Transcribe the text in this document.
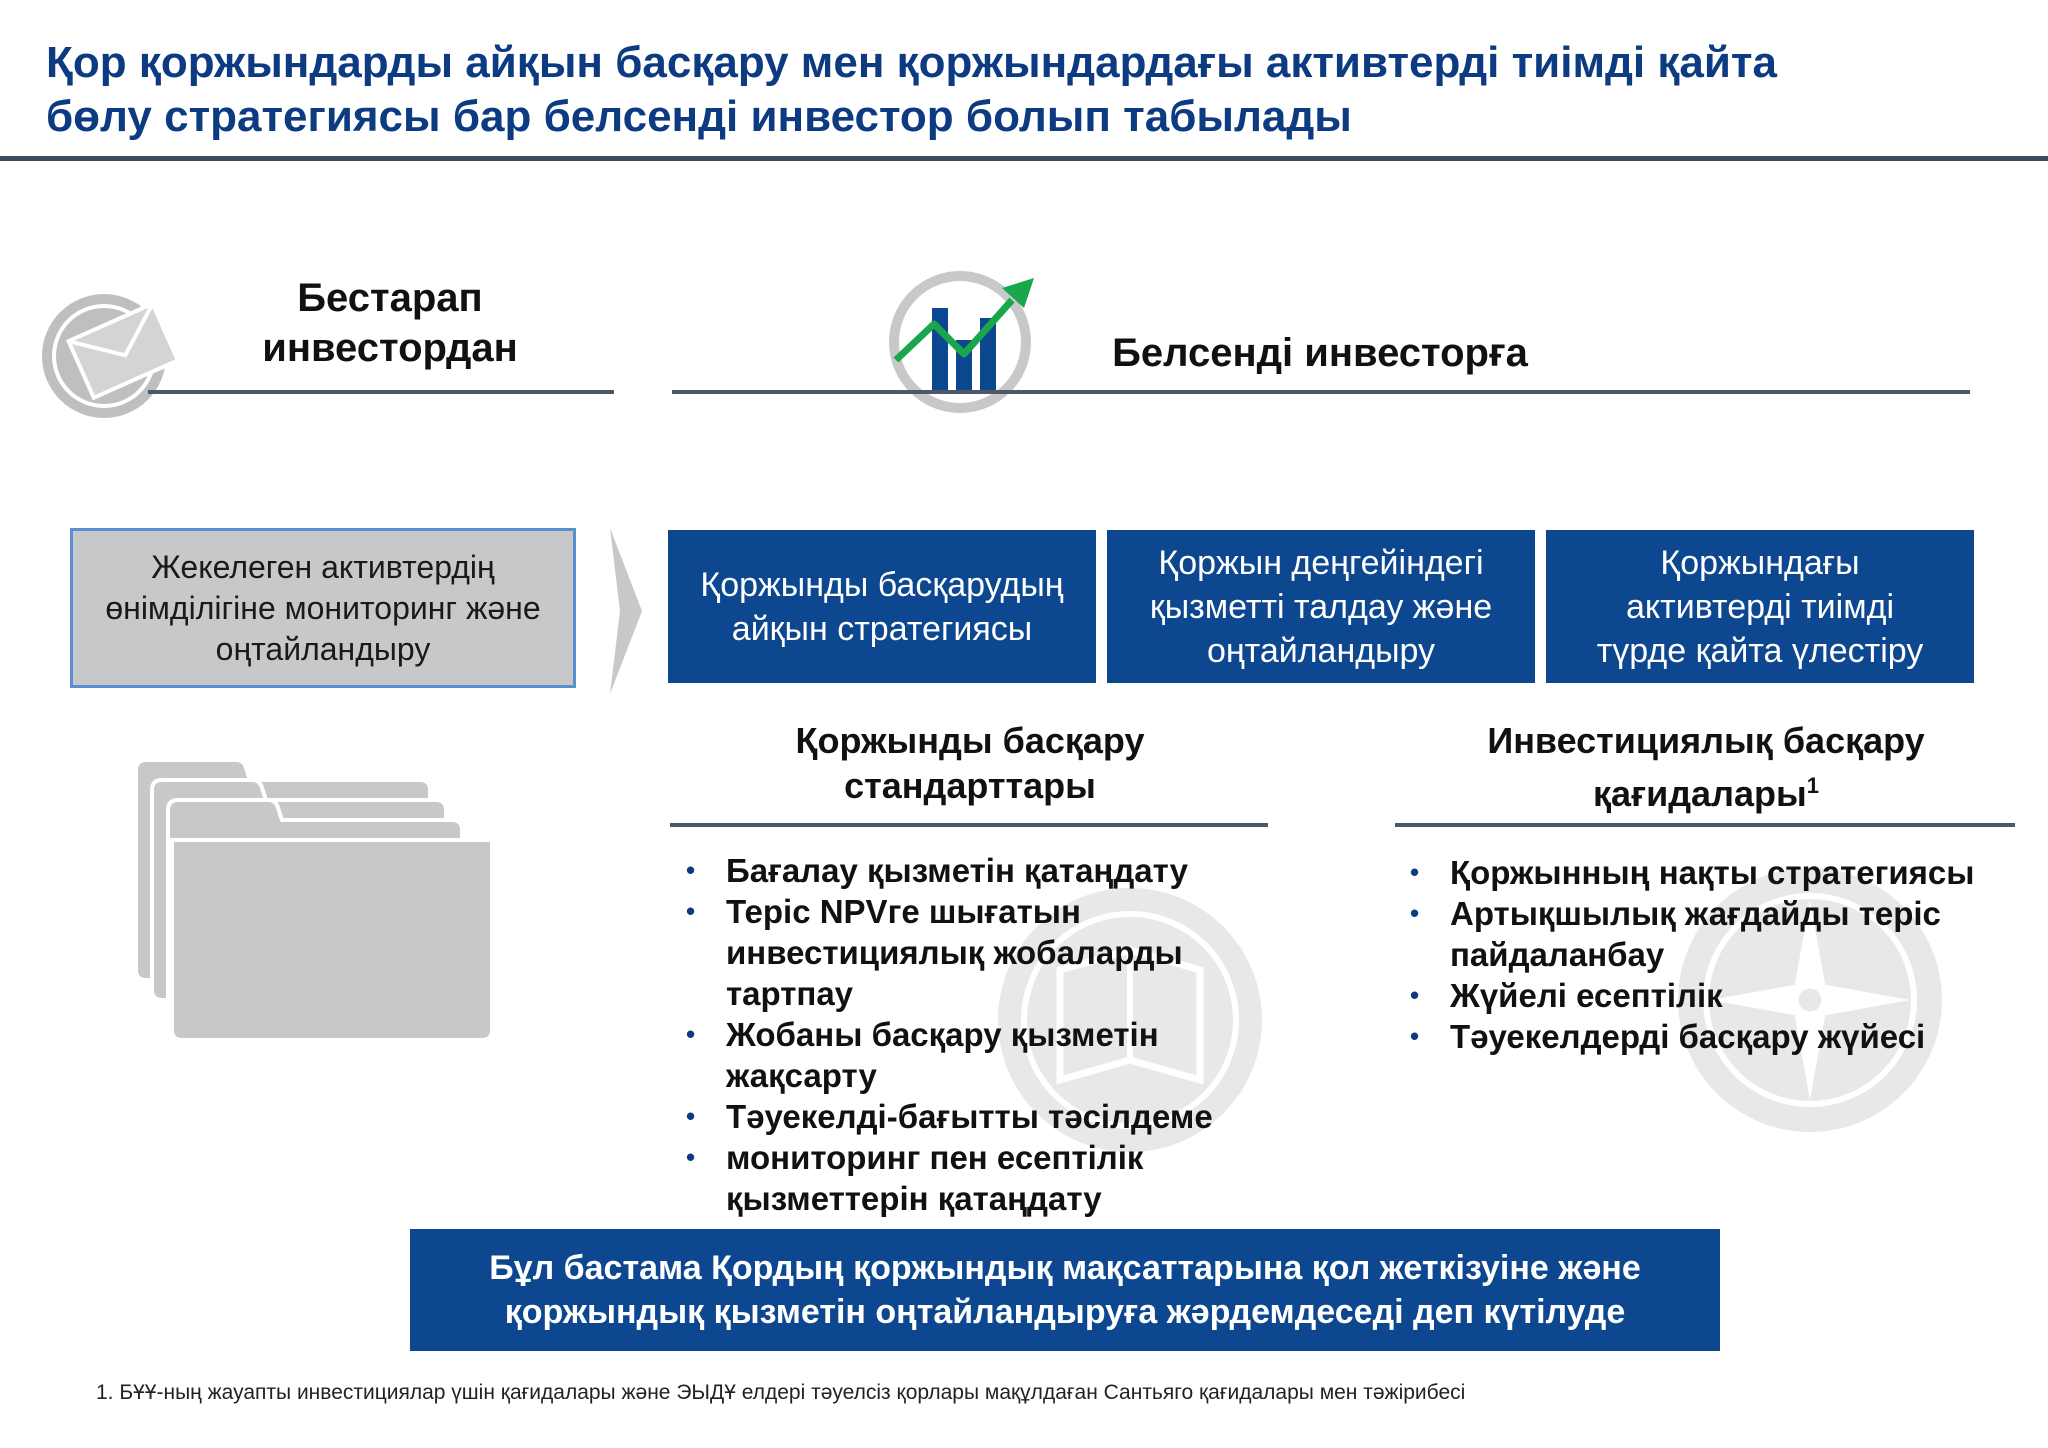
Қор қоржындарды айқын басқару мен қоржындардағы активтерді тиімді қайта
бөлу стратегиясы бар белсенді инвестор болып табылады
Бестарап
инвестордан	Белсенді инвесторға
Жекелеген активтердің
өнімділігіне мониторинг және
оңтайландыру
Қоржынды басқарудың
айқын стратегиясы
Қоржын деңгейіндегі
қызметті талдау және
оңтайландыру
Қоржындағы
активтерді тиімді
түрде қайта үлестіру
Қоржынды басқару
стандарттары
• Бағалау қызметін қатаңдату
• Теріс NPVге шығатын инвестициялық жобаларды тартпау
• Жобаны басқару қызметін жақсарту
• Тәуекелді-бағытты тәсілдеме
• мониторинг пен есептілік қызметтерін қатаңдату
Инвестициялық басқару
қағидалары$^1$
• Қоржынның нақты стратегиясы
• Артықшылық жағдайды теріс пайдаланбау
• Жүйелі есептілік
• Тәуекелдерді басқару жүйесі
Бұл бастама Қордың қоржындық мақсаттарына қол жеткізуіне және
қоржындық қызметін оңтайландыруға жәрдемдеседі деп күтілуде
1. БҰҰ-ның жауапты инвестициялар үшін қағидалары және ЭЫДҰ елдері тәуелсіз қорлары мақұлдаған Сантьяго қағидалары мен тәжірибесі
